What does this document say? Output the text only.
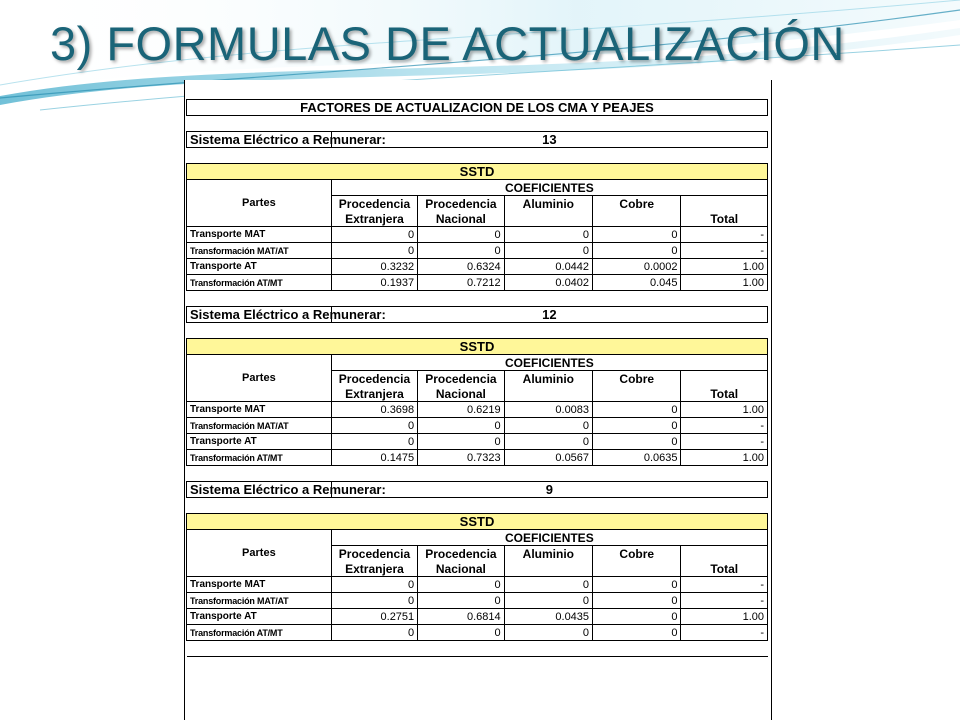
3) FORMULAS DE ACTUALIZACIÓN
FACTORES DE ACTUALIZACION DE LOS CMA Y PEAJES					

Sistema Eléctrico a Remunerar:	13				

SSTD					
Partes	COEFICIENTES				
	Procedencia	Procedencia	Aluminio	Cobre	
	Extranjera	Nacional			Total
Transporte MAT	0	0	0	0	-
Transformación MAT/AT	0	0	0	0	-
Transporte AT	0.3232	0.6324	0.0442	0.0002	1.00
Transformación AT/MT	0.1937	0.7212	0.0402	0.045	1.00

Sistema Eléctrico a Remunerar:	12				

SSTD					
Partes	COEFICIENTES				
	Procedencia	Procedencia	Aluminio	Cobre	
	Extranjera	Nacional			Total
Transporte MAT	0.3698	0.6219	0.0083	0	1.00
Transformación MAT/AT	0	0	0	0	-
Transporte AT	0	0	0	0	-
Transformación AT/MT	0.1475	0.7323	0.0567	0.0635	1.00

Sistema Eléctrico a Remunerar:	9				

SSTD					
Partes	COEFICIENTES				
	Procedencia	Procedencia	Aluminio	Cobre	
	Extranjera	Nacional			Total
Transporte MAT	0	0	0	0	-
Transformación MAT/AT	0	0	0	0	-
Transporte AT	0.2751	0.6814	0.0435	0	1.00
Transformación AT/MT	0	0	0	0	-
